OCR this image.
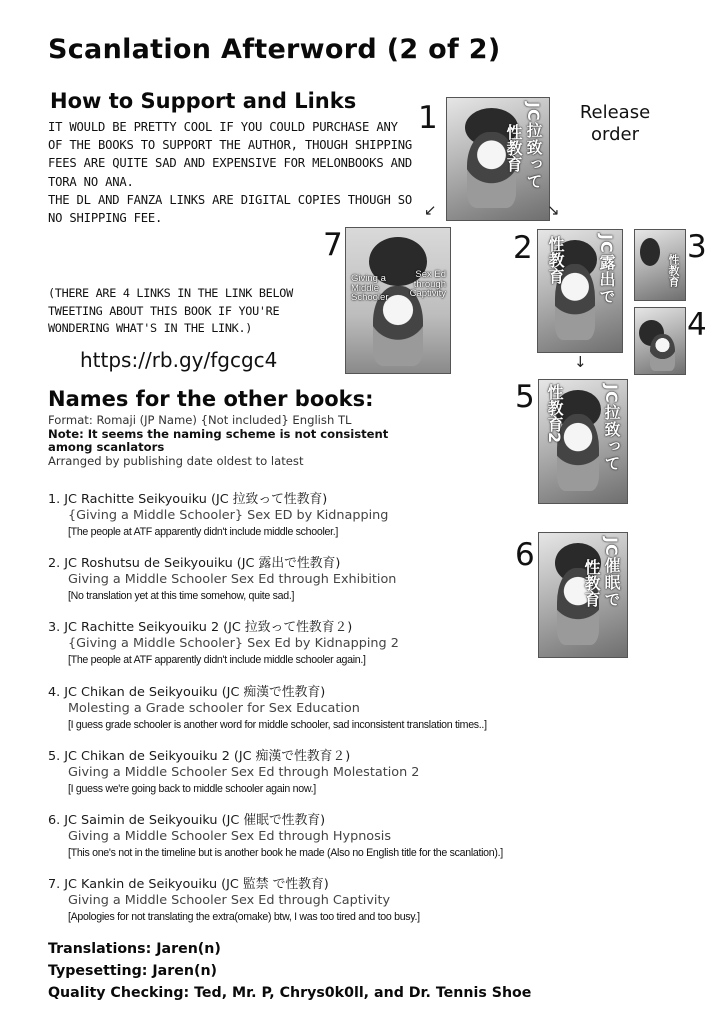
Scanlation Afterword (2 of 2)
How to Support and Links

IT WOULD BE PRETTY COOL IF YOU COULD PURCHASE ANY OF THE BOOKS TO SUPPORT THE AUTHOR, THOUGH SHIPPING FEES ARE QUITE SAD AND EXPENSIVE FOR MELONBOOKS AND TORA NO ANA.

THE DL AND FANZA LINKS ARE DIGITAL COPIES THOUGH SO NO SHIPPING FEE.

(THERE ARE 4 LINKS IN THE LINK BELOW TWEETING ABOUT THIS BOOK IF YOU'RE WONDERING WHAT'S IN THE LINK.)
https://rb.gy/fgcgc4
Release
order
1	JC拉致って
性教育
↙	↘
7
Giving a Middle Schooler
Sex Ed through Captivity
2	JC露出で
性教育	3
性教育
4
↓
5	JC拉致って
性教育2
6	JC催眠で
性教育
Names for the other books:
Format: Romaji (JP Name) {Not included} English TL
Note: It seems the naming scheme is not consistent among scanlators
Arranged by publishing date oldest to latest
1. JC Rachitte Seikyouiku (JC 拉致って性教育)
{Giving a Middle Schooler} Sex ED by Kidnapping
[The people at ATF apparently didn't include middle schooler.]
2. JC Roshutsu de Seikyouiku (JC 露出で性教育)
Giving a Middle Schooler Sex Ed through Exhibition
[No translation yet at this time somehow, quite sad.]
3. JC Rachitte Seikyouiku 2 (JC 拉致って性教育２)
{Giving a Middle Schooler} Sex Ed by Kidnapping 2
[The people at ATF apparently didn't include middle schooler again.]
4. JC Chikan de Seikyouiku (JC 痴漢で性教育)
Molesting a Grade schooler for Sex Education
[I guess grade schooler is another word for middle schooler, sad inconsistent translation times..]
5. JC Chikan de Seikyouiku 2 (JC 痴漢で性教育２)
Giving a Middle Schooler Sex Ed through Molestation 2
[I guess we're going back to middle schooler again now.]
6. JC Saimin de Seikyouiku (JC 催眠で性教育)
Giving a Middle Schooler Sex Ed through Hypnosis
[This one's not in the timeline but is another book he made (Also no English title for the scanlation).]
7. JC Kankin de Seikyouiku (JC 監禁 で性教育)
Giving a Middle Schooler Sex Ed through Captivity
[Apologies for not translating the extra(omake) btw, I was too tired and too busy.]
Translations: Jaren(n)
Typesetting: Jaren(n)
Quality Checking: Ted, Mr. P, Chrys0k0ll, and Dr. Tennis Shoe
